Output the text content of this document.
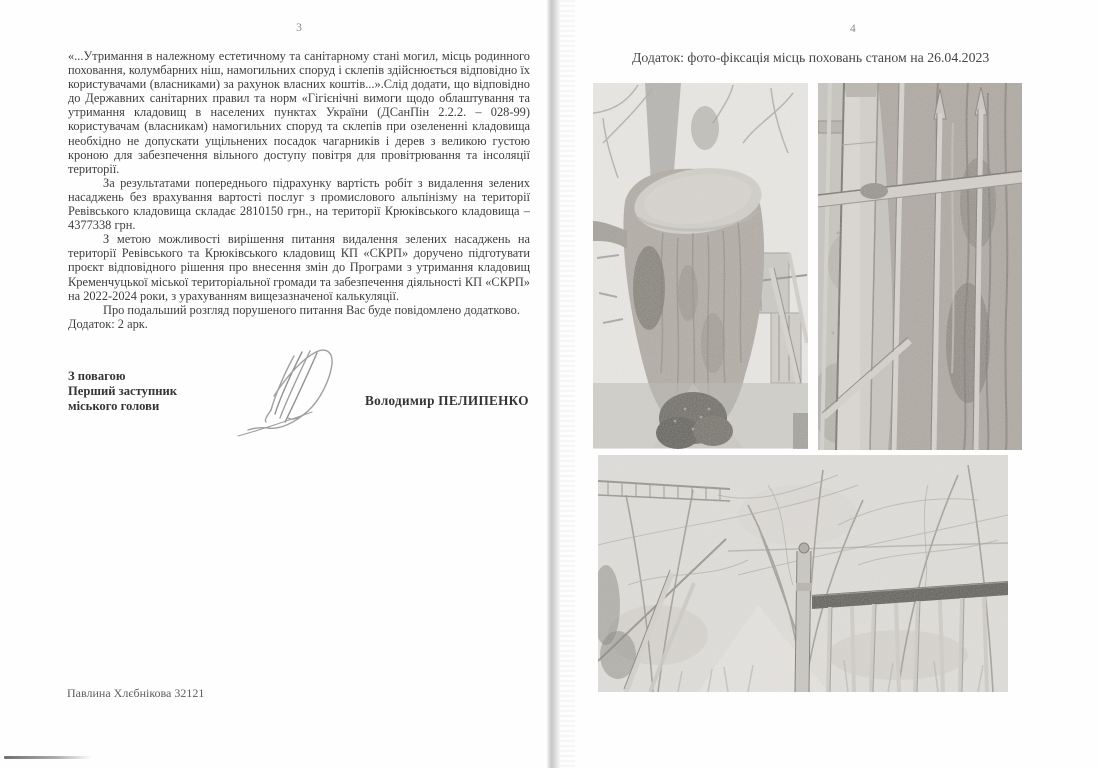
3

«...Утримання в належному естетичному та санітарному стані могил, місць родинного поховання, колумбарних ніш, намогильних споруд і склепів здійснюється відповідно їх користувачами (власниками) за рахунок власних коштів...».Слід додати, що відповідно до Державних санітарних правил та норм «Гігієнічні вимоги щодо облаштування та утримання кладовищ в населених пунктах України (ДСанПін 2.2.2. – 028-99) користувачам (власникам) намогильних споруд та склепів при озелененні кладовища необхідно не допускати ущільнених посадок чагарників і дерев з великою густою кроною для забезпечення вільного доступу повітря для провітрювання та інсоляції території.

За результатами попереднього підрахунку вартість робіт з видалення зелених насаджень без врахування вартості послуг з промислового альпінізму на території Ревівського кладовища складає 2810150 грн., на території Крюківського кладовища – 4377338 грн.

З метою можливості вирішення питання видалення зелених насаджень на території Ревівського та Крюківського кладовищ КП «СКРП» доручено підготувати проєкт відповідного рішення про внесення змін до Програми з утримання кладовищ Кременчуцької міської територіальної громади та забезпечення діяльності КП «СКРП» на 2022-2024 роки, з урахуванням вищезазначеної калькуляції.

Про подальший розгляд порушеного питання Вас буде повідомлено додатково.

Додаток: 2 арк.

З повагою
Перший заступник
міського голови	Володимир ПЕЛИПЕНКО
Павлина Хлєбнікова 32121
4
Додаток: фото-фіксація місць поховань станом на 26.04.2023
